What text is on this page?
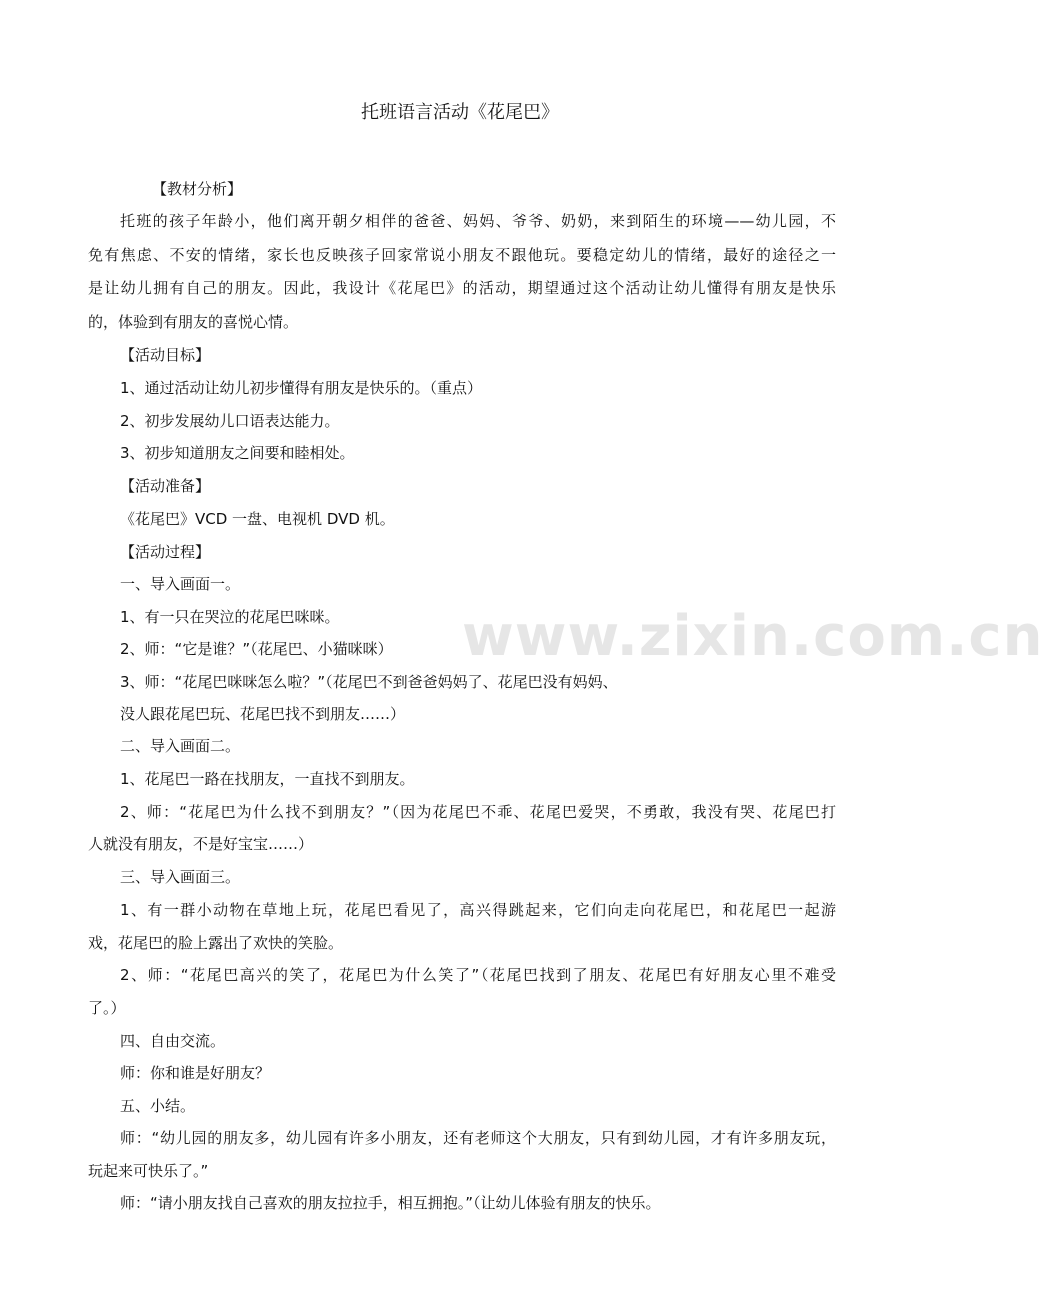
www.zixin.com.cn
托班语言活动《花尾巴》
【教材分析】
托班的孩子年龄小，他们离开朝夕相伴的爸爸、妈妈、爷爷、奶奶，来到陌生的环境——幼儿园，不
免有焦虑、不安的情绪，家长也反映孩子回家常说小朋友不跟他玩。要稳定幼儿的情绪，最好的途径之一
是让幼儿拥有自己的朋友。因此，我设计《花尾巴》的活动，期望通过这个活动让幼儿懂得有朋友是快乐
的，体验到有朋友的喜悦心情。
【活动目标】
1、通过活动让幼儿初步懂得有朋友是快乐的。（重点）
2、初步发展幼儿口语表达能力。
3、初步知道朋友之间要和睦相处。
【活动准备】
《花尾巴》VCD 一盘、电视机 DVD 机。
【活动过程】
一、导入画面一。
1、有一只在哭泣的花尾巴咪咪。
2、师：“它是谁？”（花尾巴、小猫咪咪）
3、师：“花尾巴咪咪怎么啦？”（花尾巴不到爸爸妈妈了、花尾巴没有妈妈、
没人跟花尾巴玩、花尾巴找不到朋友……）
二、导入画面二。
1、花尾巴一路在找朋友，一直找不到朋友。
2、师：“花尾巴为什么找不到朋友？”（因为花尾巴不乖、花尾巴爱哭，不勇敢，我没有哭、花尾巴打
人就没有朋友，不是好宝宝……）
三、导入画面三。
1、有一群小动物在草地上玩，花尾巴看见了，高兴得跳起来，它们向走向花尾巴，和花尾巴一起游
戏，花尾巴的脸上露出了欢快的笑脸。
2、师：“花尾巴高兴的笑了，花尾巴为什么笑了”（花尾巴找到了朋友、花尾巴有好朋友心里不难受
了。）
四、自由交流。
师：你和谁是好朋友？
五、小结。
师：“幼儿园的朋友多，幼儿园有许多小朋友，还有老师这个大朋友，只有到幼儿园，才有许多朋友玩，
玩起来可快乐了。”
师：“请小朋友找自己喜欢的朋友拉拉手，相互拥抱。”（让幼儿体验有朋友的快乐。
